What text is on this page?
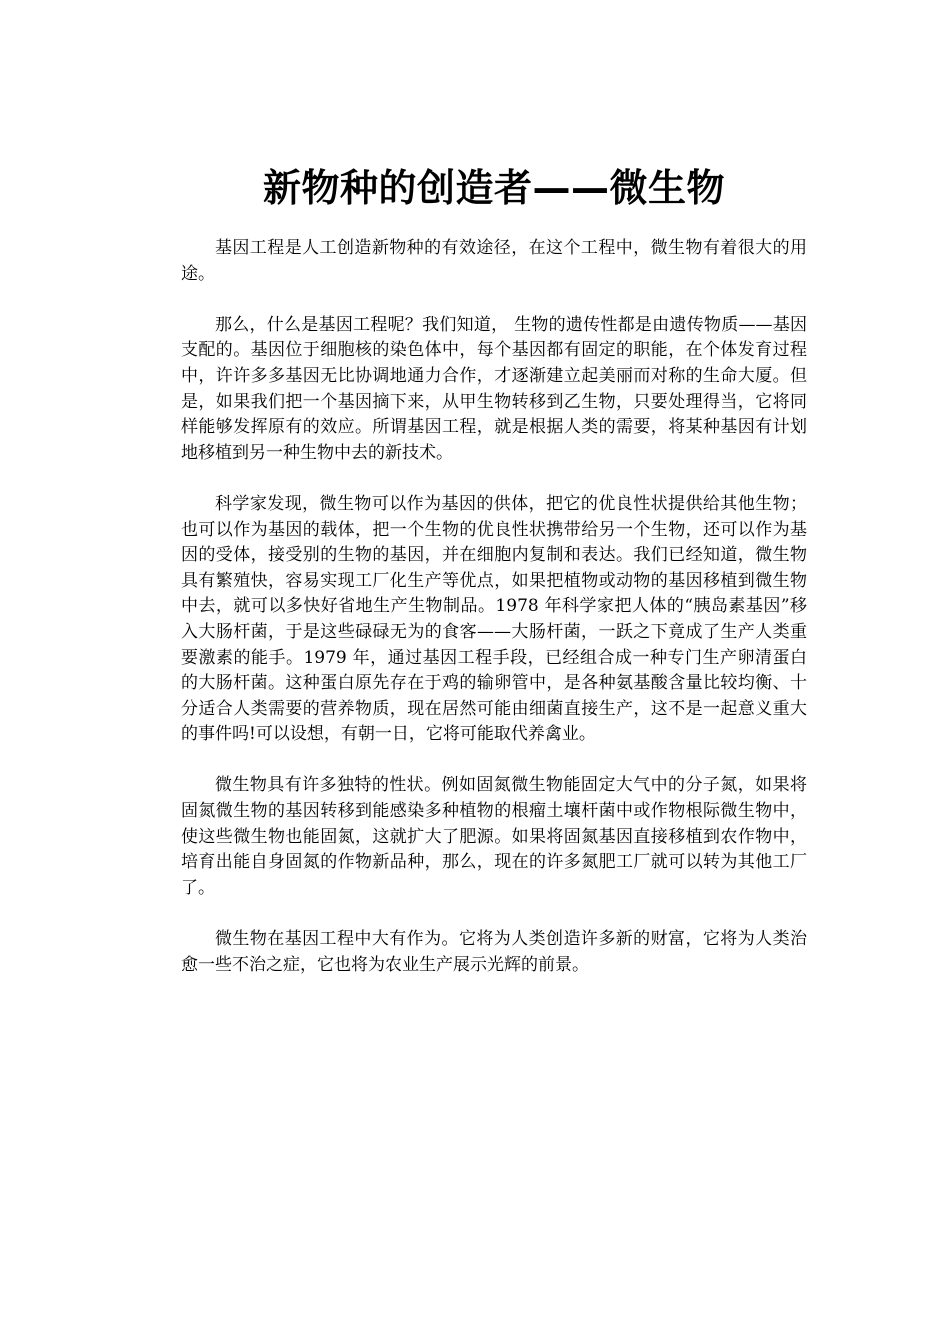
新物种的创造者——微生物

基因工程是人工创造新物种的有效途径，在这个工程中，微生物有着很大的用途。

那么，什么是基因工程呢？我们知道， 生物的遗传性都是由遗传物质——基因支配的。基因位于细胞核的染色体中，每个基因都有固定的职能，在个体发育过程中，许许多多基因无比协调地通力合作，才逐渐建立起美丽而对称的生命大厦。但是，如果我们把一个基因摘下来，从甲生物转移到乙生物，只要处理得当，它将同样能够发挥原有的效应。所谓基因工程，就是根据人类的需要，将某种基因有计划地移植到另一种生物中去的新技术。

科学家发现，微生物可以作为基因的供体，把它的优良性状提供给其他生物；也可以作为基因的载体，把一个生物的优良性状携带给另一个生物，还可以作为基因的受体，接受别的生物的基因，并在细胞内复制和表达。我们已经知道，微生物具有繁殖快，容易实现工厂化生产等优点，如果把植物或动物的基因移植到微生物中去，就可以多快好省地生产生物制品。1978 年科学家把人体的“胰岛素基因”移入大肠杆菌，于是这些碌碌无为的食客——大肠杆菌，一跃之下竟成了生产人类重要激素的能手。1979 年，通过基因工程手段，已经组合成一种专门生产卵清蛋白的大肠杆菌。这种蛋白原先存在于鸡的输卵管中，是各种氨基酸含量比较均衡、十分适合人类需要的营养物质，现在居然可能由细菌直接生产，这不是一起意义重大的事件吗!可以设想，有朝一日，它将可能取代养禽业。

微生物具有许多独特的性状。例如固氮微生物能固定大气中的分子氮，如果将固氮微生物的基因转移到能感染多种植物的根瘤土壤杆菌中或作物根际微生物中，使这些微生物也能固氮，这就扩大了肥源。如果将固氮基因直接移植到农作物中，培育出能自身固氮的作物新品种，那么，现在的许多氮肥工厂就可以转为其他工厂了。

微生物在基因工程中大有作为。它将为人类创造许多新的财富，它将为人类治愈一些不治之症，它也将为农业生产展示光辉的前景。
